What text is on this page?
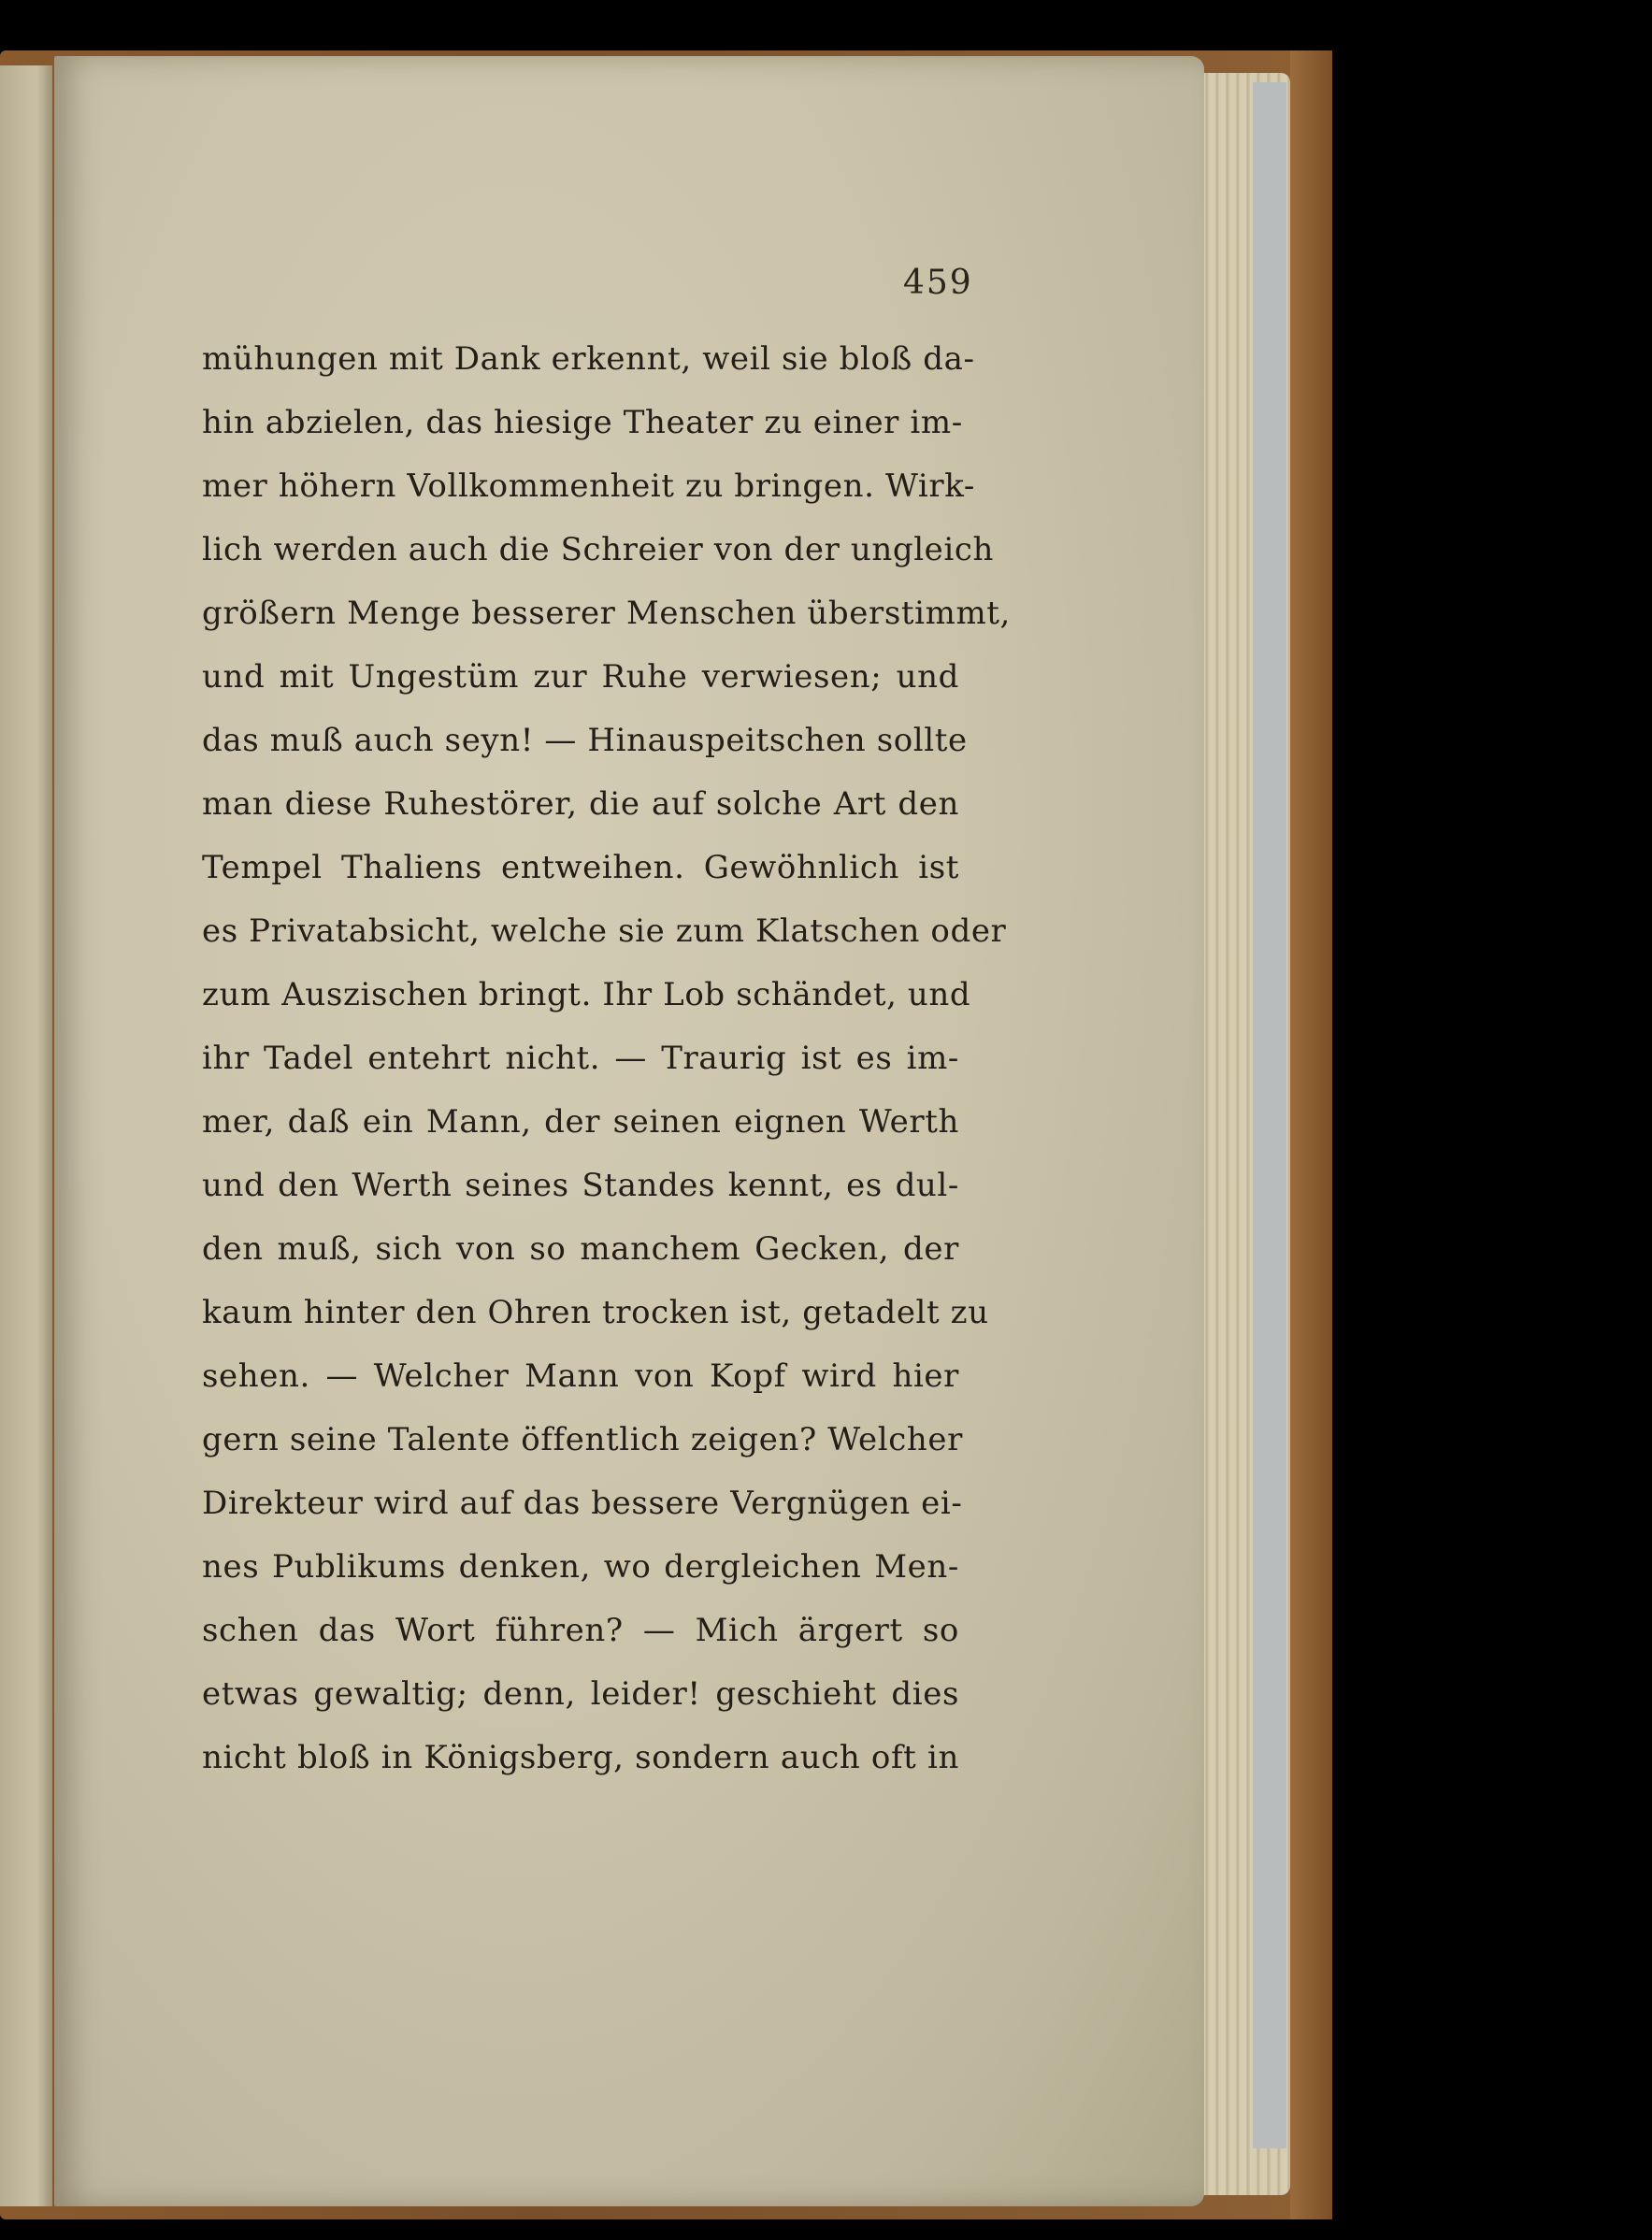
459
mühungen mit Dank erkennt, weil sie bloß da-
hin abzielen, das hiesige Theater zu einer im-
mer höhern Vollkommenheit zu bringen. Wirk-
lich werden auch die Schreier von der ungleich
größern Menge besserer Menschen überstimmt,
und mit Ungestüm zur Ruhe verwiesen; und
das muß auch seyn! — Hinauspeitschen sollte
man diese Ruhestörer, die auf solche Art den
Tempel Thaliens entweihen. Gewöhnlich ist
es Privatabsicht, welche sie zum Klatschen oder
zum Auszischen bringt. Ihr Lob schändet, und
ihr Tadel entehrt nicht. — Traurig ist es im-
mer, daß ein Mann, der seinen eignen Werth
und den Werth seines Standes kennt, es dul-
den muß, sich von so manchem Gecken, der
kaum hinter den Ohren trocken ist, getadelt zu
sehen. — Welcher Mann von Kopf wird hier
gern seine Talente öffentlich zeigen? Welcher
Direkteur wird auf das bessere Vergnügen ei-
nes Publikums denken, wo dergleichen Men-
schen das Wort führen? — Mich ärgert so
etwas gewaltig; denn, leider! geschieht dies
nicht bloß in Königsberg, sondern auch oft in
